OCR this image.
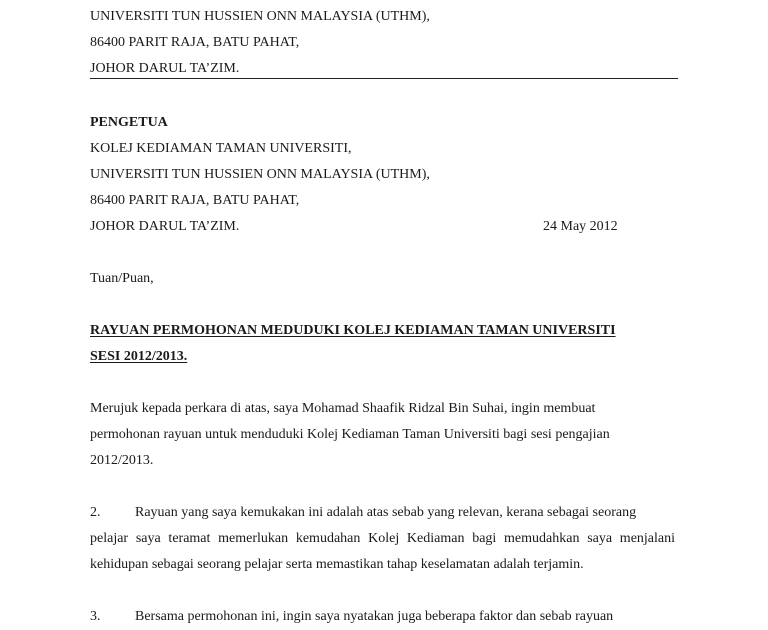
UNIVERSITI TUN HUSSIEN ONN MALAYSIA (UTHM),
86400 PARIT RAJA, BATU PAHAT,
JOHOR DARUL TA’ZIM.
PENGETUA
KOLEJ KEDIAMAN TAMAN UNIVERSITI,
UNIVERSITI TUN HUSSIEN ONN MALAYSIA (UTHM),
86400 PARIT RAJA, BATU PAHAT,
JOHOR DARUL TA’ZIM.	24 May 2012
Tuan/Puan,
RAYUAN PERMOHONAN MEDUDUKI KOLEJ KEDIAMAN TAMAN UNIVERSITI
SESI 2012/2013.
Merujuk kepada perkara di atas, saya Mohamad Shaafik Ridzal Bin Suhai, ingin membuat
permohonan rayuan untuk menduduki Kolej Kediaman Taman Universiti bagi sesi pengajian
2012/2013.
2. Rayuan yang saya kemukakan ini adalah atas sebab yang relevan, kerana sebagai seorang
pelajar saya teramat memerlukan kemudahan Kolej Kediaman bagi memudahkan saya menjalani
kehidupan sebagai seorang pelajar serta memastikan tahap keselamatan adalah terjamin.
3. Bersama permohonan ini, ingin saya nyatakan juga beberapa faktor dan sebab rayuan
